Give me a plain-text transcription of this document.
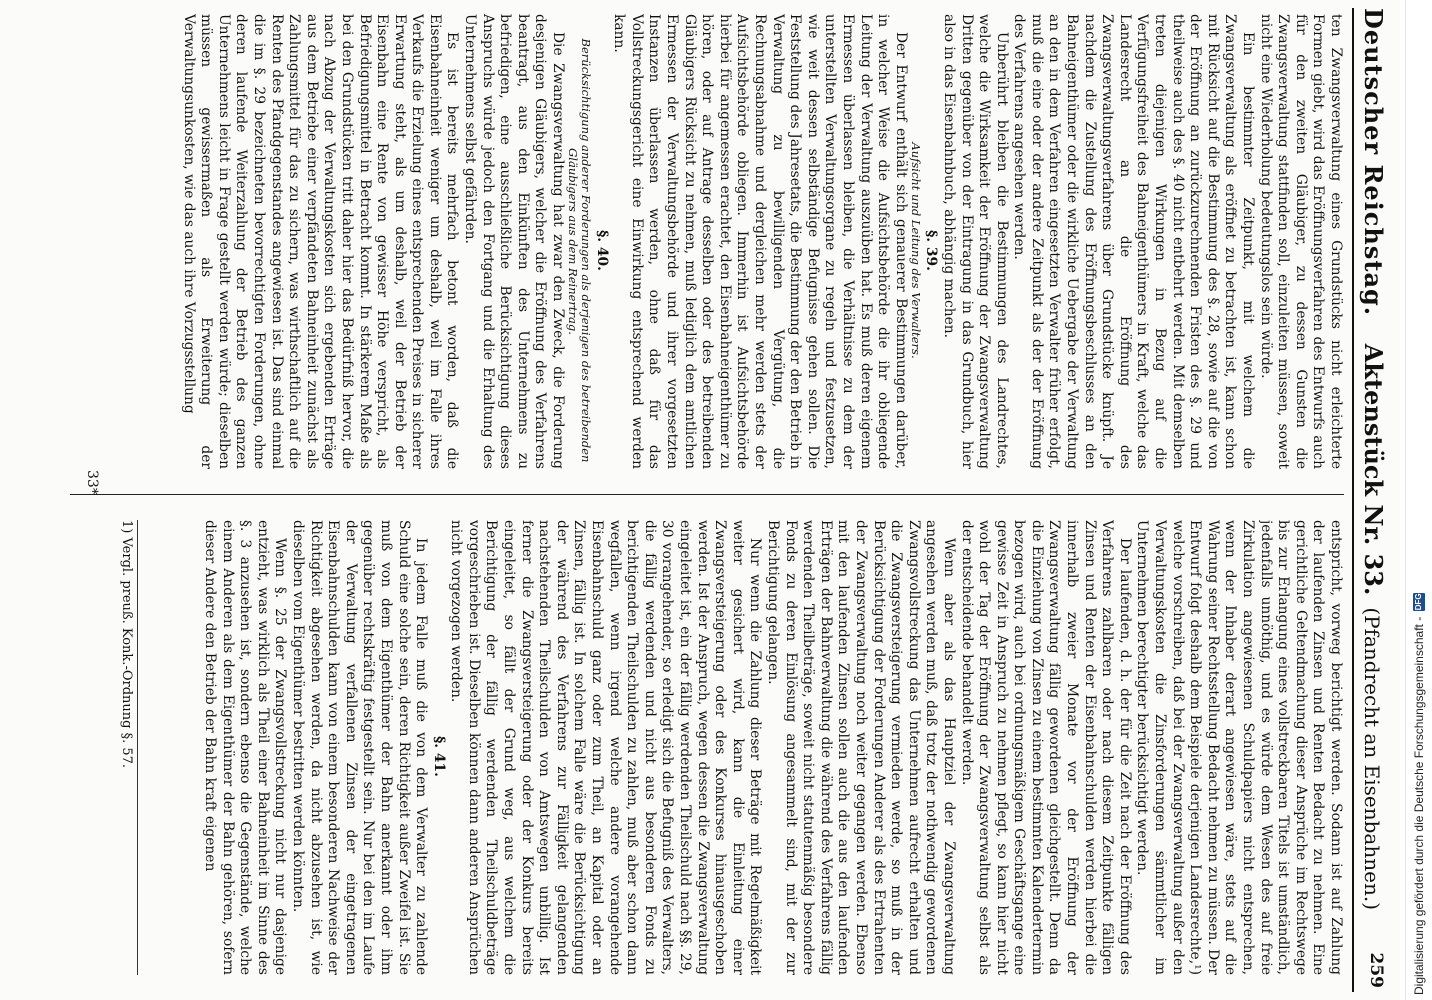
Deutscher Reichstag.
Aktenstück Nr. 33.
(Pfandrecht an Eisenbahnen.)
259

ten Zwangsverwaltung eines Grundstücks nicht erleichterte Formen giebt, wird das Eröffnungsverfahren des Entwurfs auch für den zweiten Gläubiger, zu dessen Gunsten die Zwangsverwaltung stattfinden soll, einzuleiten müssen, soweit nicht eine Wiederholung bedeutungslos sein würde.

Ein bestimmter Zeitpunkt, mit welchem die Zwangsverwaltung als eröffnet zu betrachten ist, kann schon mit Rücksicht auf die Bestimmung des §. 28, sowie auf die von der Eröffnung an zurückzurechnenden Fristen des §. 29 und theilweise auch des §. 40 nicht entbehrt werden. Mit demselben treten diejenigen Wirkungen in Bezug auf die Verfügungsfreiheit des Bahneigenthümers in Kraft, welche das Landesrecht an die Eröffnung des Zwangsverwaltungsverfahrens über Grundstücke knüpft. Je nachdem die Zustellung des Eröffnungsbeschlusses an den Bahneigenthümer oder die wirkliche Uebergabe der Verwaltung an den in dem Verfahren eingesetzten Verwalter früher erfolgt, muß die eine oder der andere Zeitpunkt als der der Eröffnung des Verfahrens angesehen werden.

Unberührt bleiben die Bestimmungen des Landrechtes, welche die Wirksamkeit der Eröffnung der Zwangsverwaltung Dritten gegenüber von der Eintragung in das Grundbuch, hier also in das Eisenbahnbuch, abhängig machen.

§. 39.

Aufsicht und Leitung des Verwalters.

Der Entwurf enthält sich genauerer Bestimmungen darüber, in welcher Weise die Aufsichtsbehörde die ihr obliegende Leitung der Verwaltung auszuüben hat. Es muß deren eigenem Ermessen überlassen bleiben, die Verhältnisse zu dem der unterstellten Verwaltungsorgane zu regeln und festzusetzen, wie weit dessen selbständige Befugnisse gehen sollen. Die Feststellung des Jahresetats, die Bestimmung der den Betrieb in Verwaltung zu bewilligenden Vergütung, die Rechnungsabnahme und dergleichen mehr werden stets der Aufsichtsbehörde obliegen. Immerhin ist Aufsichtsbehörde hierbei für angemessen erachtet, den Eisenbahneigenthümer zu hören, oder auf Antrage desselben oder des betreibenden Gläubigers Rücksicht zu nehmen, muß lediglich dem amtlichen Ermessen der Verwaltungsbehörde und ihrer vorgesetzten Instanzen überlassen werden, ohne daß für das Vollstreckungsgericht eine Einwirkung entsprechend werden kann.

§. 40.

Berücksichtigung anderer Forderungen als derjenigen des betreibenden Gläubigers aus dem Reinertrag.

Die Zwangsverwaltung hat zwar den Zweck, die Forderung desjenigen Gläubigers, welcher die Eröffnung des Verfahrens beantragt, aus den Einkünften des Unternehmens zu befriedigen, eine ausschließliche Berücksichtigung dieses Anspruchs würde jedoch den Fortgang und die Erhaltung des Unternehmens selbst gefährden.

Es ist bereits mehrfach betont worden, daß die Eisenbahneinheit weniger um deshalb, weil im Falle ihres Verkaufs die Erzielung eines entsprechenden Preises in sicherer Erwartung steht, als um deshalb, weil der Betrieb der Eisenbahn eine Rente von gewisser Höhe verspricht, als Befriedigungsmittel in Betracht kommt. In stärkerem Maße als bei den Grundstücken tritt daher hier das Bedürfniß hervor, die nach Abzug der Verwaltungskosten sich ergebenden Erträge aus dem Betriebe einer verpfändeten Bahneinheit zunächst als Zahlungsmittel für das zu sichern, was wirthschaftlich auf die Renten des Pfandgegenstandes angewiesen ist. Das sind einmal die im §. 29 bezeichneten bevorrechtigten Forderungen, ohne deren laufende Weiterzahlung der Betrieb des ganzen Unternehmens leicht in Frage gestellt werden würde; dieselben müssen gewissermaßen als Erweiterung der Verwaltungsunkosten, wie das auch ihre Vorzugsstellung

entspricht, vorweg berichtigt werden. Sodann ist auf Zahlung der laufenden Zinsen und Renten Bedacht zu nehmen. Eine gerichtliche Geltendmachung dieser Ansprüche im Rechtswege bis zur Erlangung eines vollstreckbaren Titels ist umständlich, jedenfalls unnöthig, und es würde dem Wesen des auf freie Zirkulation angewiesenen Schuldpapiers nicht entsprechen, wenn der Inhaber derart angewiesen wäre, stets auf die Wahrung seiner Rechtsstellung Bedacht nehmen zu müssen. Der Entwurf folgt deshalb dem Beispiele derjenigen Landesrechte,¹) welche vorschreiben, daß bei der Zwangsverwaltung außer den Verwaltungskosten die Zinsforderungen sämmtlicher im Unternehmen berechtigter berücksichtigt werden.

Der laufenden, d. h. der für die Zeit nach der Eröffnung des Verfahrens zahlbaren oder nach diesem Zeitpunkte fälligen Zinsen und Renten der Eisenbahnschulden werden hierbei die innerhalb zweier Monate vor der Eröffnung der Zwangsverwaltung fällig gewordenen gleichgestellt. Denn da die Einziehung von Zinsen zu einem bestimmten Kalendertermin bezogen wird, auch bei ordnungsmäßigem Geschäftsgange eine gewisse Zeit in Anspruch zu nehmen pflegt, so kann hier nicht wohl der Tag der Eröffnung der Zwangsverwaltung selbst als der entscheidende behandelt werden.

Wenn aber als das Hauptziel der Zwangsverwaltung angesehen werden muß, daß trotz der nothwendig gewordenen Zwangsvollstreckung das Unternehmen aufrecht erhalten und die Zwangsversteigerung vermieden werde, so muß in der Berücksichtigung der Forderungen Anderer als des Ertrahenten der Zwangsverwaltung noch weiter gegangen werden. Ebenso mit den laufenden Zinsen sollen auch die aus den laufenden Erträgen der Bahnverwaltung die während des Verfahrens fällig werdenden Theilbeträge, soweit nicht statutenmäßig besondere Fonds zu deren Einlösung angesammelt sind, mit der zur Berichtigung gelangen.

Nur wenn die Zahlung dieser Beträge mit Regelmäßigkeit weiter gesichert wird, kann die Einleitung einer Zwangsversteigerung oder des Konkurses hinausgeschoben werden. Ist der Anspruch, wegen dessen die Zwangsverwaltung eingeleitet ist, ein der fällig werdenden Theilschuld nach §§. 29, 30 vorangehender, so erledigt sich die Befugniß des Verwalters, die fällig werdenden und nicht aus besonderen Fonds zu berichtigenden Theilschulden zu zahlen, muß aber schon dann wegfallen, wenn irgend welche andere vorangehende Eisenbahnschuld ganz oder zum Theil, an Kapital oder an Zinsen, fällig ist. In solchem Falle wäre die Berücksichtigung der während des Verfahrens zur Fälligkeit gelangenden nachstehenden Theilschulden von Amtswegen unbillig. Ist ferner die Zwangsversteigerung oder der Konkurs bereits eingeleitet, so fällt der Grund weg, aus welchem die Berichtigung der fällig werdenden Theilschuldbeträge vorgeschrieben ist. Dieselben können dann anderen Ansprüchen nicht vorgezogen werden.

§. 41.

In jedem Falle muß die von dem Verwalter zu zahlende Schuld eine solche sein, deren Richtigkeit außer Zweifel ist. Sie muß von dem Eigenthümer der Bahn anerkannt oder ihm gegenüber rechtskräftig festgestellt sein. Nur bei den im Laufe der Verwaltung verfallenen Zinsen der eingetragenen Eisenbahnschulden kann von einem besonderen Nachweise der Richtigkeit abgesehen werden, da nicht abzusehen ist, wie dieselben vom Eigenthümer bestritten werden könnten.

Wenn §. 25 der Zwangsvollstreckung nicht nur dasjenige entzieht, was wirklich als Theil einer Bahneinheit im Sinne des §. 3 anzusehen ist, sondern ebenso die Gegenstände, welche einem Anderen als dem Eigenthümer der Bahn gehören, sofern dieser Andere den Betrieb der Bahn kraft eigenen

1) Vergl. preuß. Konk.-Ordnung §. 57.
33*
Digitalisierung gefördert durch die Deutsche Forschungsgemeinschaft -
DFG
